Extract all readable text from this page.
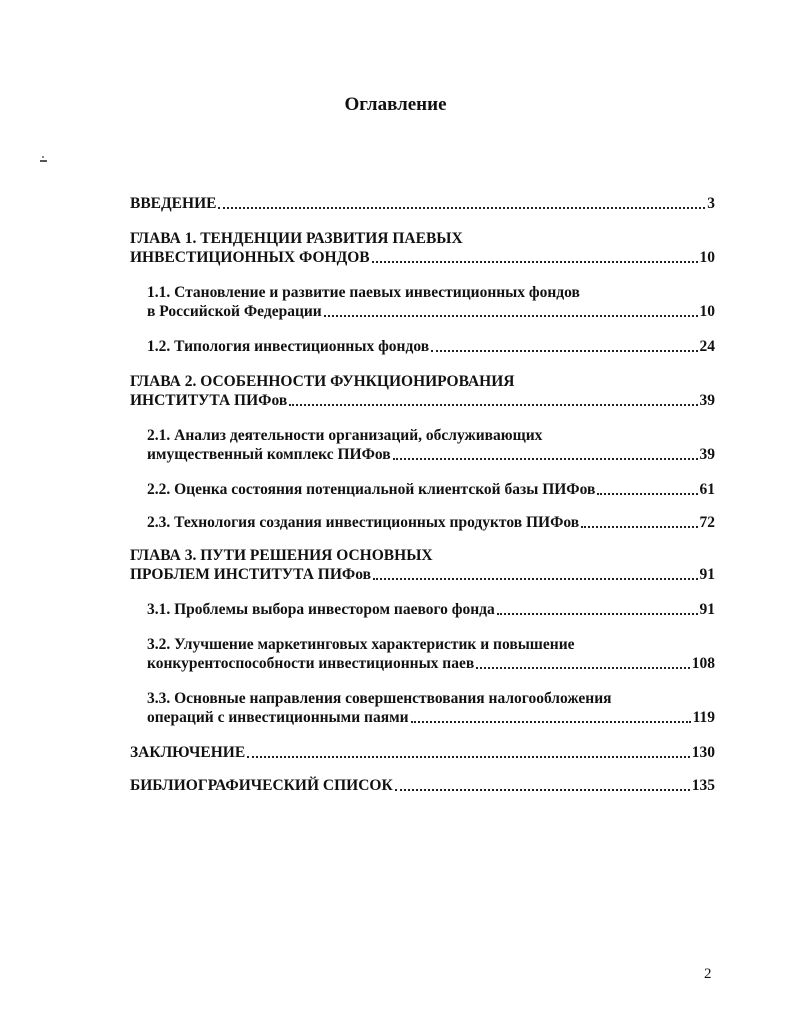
Оглавление
ВВЕДЕНИЕ	3
ГЛАВА 1. ТЕНДЕНЦИИ РАЗВИТИЯ ПАЕВЫХ
ИНВЕСТИЦИОННЫХ ФОНДОВ	10
1.1. Становление и развитие паевых инвестиционных фондов
в Российской Федерации	10
1.2. Типология инвестиционных фондов	24
ГЛАВА 2. ОСОБЕННОСТИ ФУНКЦИОНИРОВАНИЯ
ИНСТИТУТА ПИФов	39
2.1. Анализ деятельности организаций, обслуживающих
имущественный комплекс ПИФов	39
2.2. Оценка состояния потенциальной клиентской базы ПИФов	61
2.3. Технология создания инвестиционных продуктов ПИФов	72
ГЛАВА 3. ПУТИ РЕШЕНИЯ ОСНОВНЫХ
ПРОБЛЕМ ИНСТИТУТА ПИФов	91
3.1. Проблемы выбора инвестором паевого фонда	91
3.2. Улучшение маркетинговых характеристик и повышение
конкурентоспособности инвестиционных паев	108
3.3. Основные направления совершенствования налогообложения
операций с инвестиционными паями	119
ЗАКЛЮЧЕНИЕ	130
БИБЛИОГРАФИЧЕСКИЙ СПИСОК	135
2
